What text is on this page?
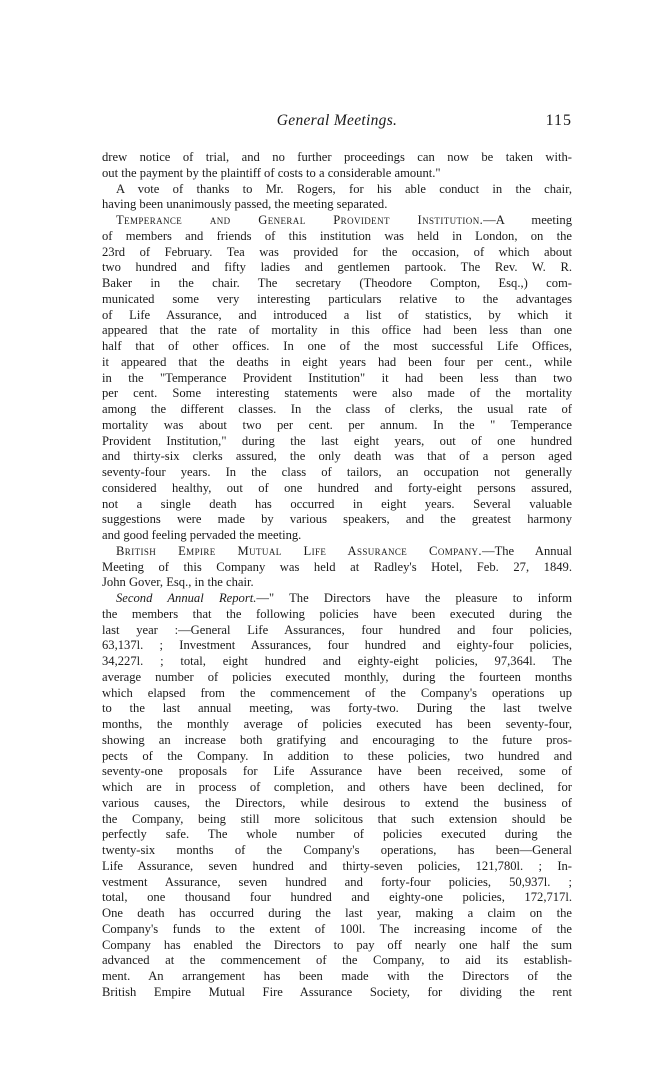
General Meetings.	115
drew notice of trial, and no further proceedings can now be taken with-
out the payment by the plaintiff of costs to a considerable amount."
A vote of thanks to Mr. Rogers, for his able conduct in the chair,
having been unanimously passed, the meeting separated.
Temperance and General Provident Institution.—A meeting
of members and friends of this institution was held in London, on the
23rd of February. Tea was provided for the occasion, of which about
two hundred and fifty ladies and gentlemen partook. The Rev. W. R.
Baker in the chair. The secretary (Theodore Compton, Esq.,) com-
municated some very interesting particulars relative to the advantages
of Life Assurance, and introduced a list of statistics, by which it
appeared that the rate of mortality in this office had been less than one
half that of other offices. In one of the most successful Life Offices,
it appeared that the deaths in eight years had been four per cent., while
in the "Temperance Provident Institution" it had been less than two
per cent. Some interesting statements were also made of the mortality
among the different classes. In the class of clerks, the usual rate of
mortality was about two per cent. per annum. In the " Temperance
Provident Institution," during the last eight years, out of one hundred
and thirty-six clerks assured, the only death was that of a person aged
seventy-four years. In the class of tailors, an occupation not generally
considered healthy, out of one hundred and forty-eight persons assured,
not a single death has occurred in eight years. Several valuable
suggestions were made by various speakers, and the greatest harmony
and good feeling pervaded the meeting.
British Empire Mutual Life Assurance Company.—The Annual
Meeting of this Company was held at Radley's Hotel, Feb. 27, 1849.
John Gover, Esq., in the chair.
Second Annual Report.—" The Directors have the pleasure to inform
the members that the following policies have been executed during the
last year :—General Life Assurances, four hundred and four policies,
63,137l. ; Investment Assurances, four hundred and eighty-four policies,
34,227l. ; total, eight hundred and eighty-eight policies, 97,364l. The
average number of policies executed monthly, during the fourteen months
which elapsed from the commencement of the Company's operations up
to the last annual meeting, was forty-two. During the last twelve
months, the monthly average of policies executed has been seventy-four,
showing an increase both gratifying and encouraging to the future pros-
pects of the Company. In addition to these policies, two hundred and
seventy-one proposals for Life Assurance have been received, some of
which are in process of completion, and others have been declined, for
various causes, the Directors, while desirous to extend the business of
the Company, being still more solicitous that such extension should be
perfectly safe. The whole number of policies executed during the
twenty-six months of the Company's operations, has been—General
Life Assurance, seven hundred and thirty-seven policies, 121,780l. ; In-
vestment Assurance, seven hundred and forty-four policies, 50,937l. ;
total, one thousand four hundred and eighty-one policies, 172,717l.
One death has occurred during the last year, making a claim on the
Company's funds to the extent of 100l. The increasing income of the
Company has enabled the Directors to pay off nearly one half the sum
advanced at the commencement of the Company, to aid its establish-
ment. An arrangement has been made with the Directors of the
British Empire Mutual Fire Assurance Society, for dividing the rent
